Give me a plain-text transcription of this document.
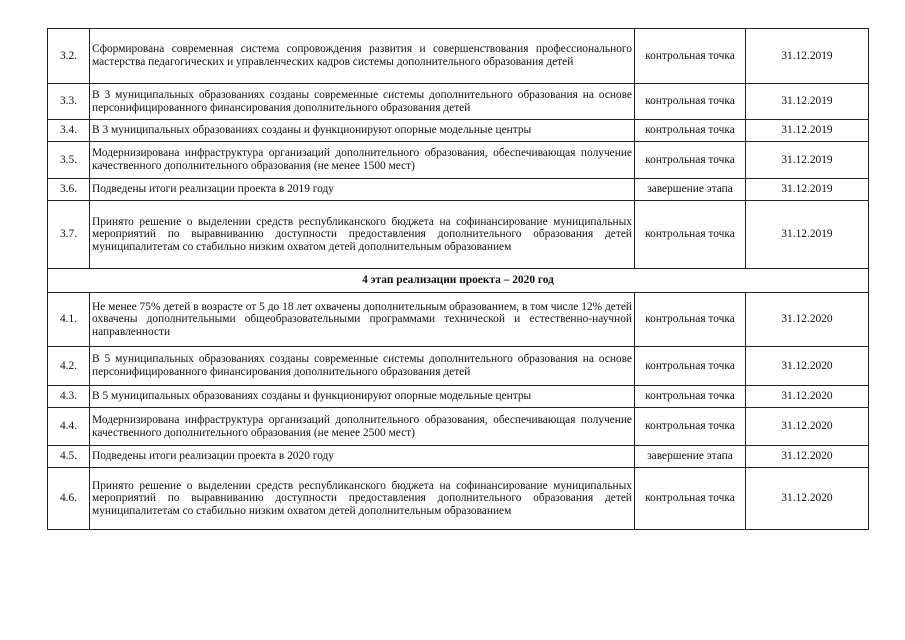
3.2.	Сформирована современная система сопровождения развития и совершенствования профессионального мастерства педагогических и управленческих кадров системы дополнительного образования детей	контрольная точка	31.12.2019
3.3.	В 3 муниципальных образованиях созданы современные системы дополнительного образования на основе персонифицированного финансирования дополнительного образования детей	контрольная точка	31.12.2019
3.4.	В 3 муниципальных образованиях созданы и функционируют опорные модельные центры	контрольная точка	31.12.2019
3.5.	Модернизирована инфраструктура организаций дополнительного образования, обеспечивающая получение качественного дополнительного образования (не менее 1500 мест)	контрольная точка	31.12.2019
3.6.	Подведены итоги реализации проекта в 2019 году	завершение этапа	31.12.2019
3.7.	Принято решение о выделении средств республиканского бюджета на софинансирование муниципальных мероприятий по выравниванию доступности предоставления дополнительного образования детей муниципалитетам со стабильно низким охватом детей дополнительным образованием	контрольная точка	31.12.2019
4 этап реализации проекта – 2020 год			
4.1.	Не менее 75% детей в возрасте от 5 до 18 лет охвачены дополнительным образованием, в том числе 12% детей охвачены дополнительными общеобразовательными программами технической и естественно-научной направленности	контрольная точка	31.12.2020
4.2.	В 5 муниципальных образованиях созданы современные системы дополнительного образования на основе персонифицированного финансирования дополнительного образования детей	контрольная точка	31.12.2020
4.3.	В 5 муниципальных образованиях созданы и функционируют опорные модельные центры	контрольная точка	31.12.2020
4.4.	Модернизирована инфраструктура организаций дополнительного образования, обеспечивающая получение качественного дополнительного образования (не менее 2500 мест)	контрольная точка	31.12.2020
4.5.	Подведены итоги реализации проекта в 2020 году	завершение этапа	31.12.2020
4.6.	Принято решение о выделении средств республиканского бюджета на софинансирование муниципальных мероприятий по выравниванию доступности предоставления дополнительного образования детей муниципалитетам со стабильно низким охватом детей дополнительным образованием	контрольная точка	31.12.2020
